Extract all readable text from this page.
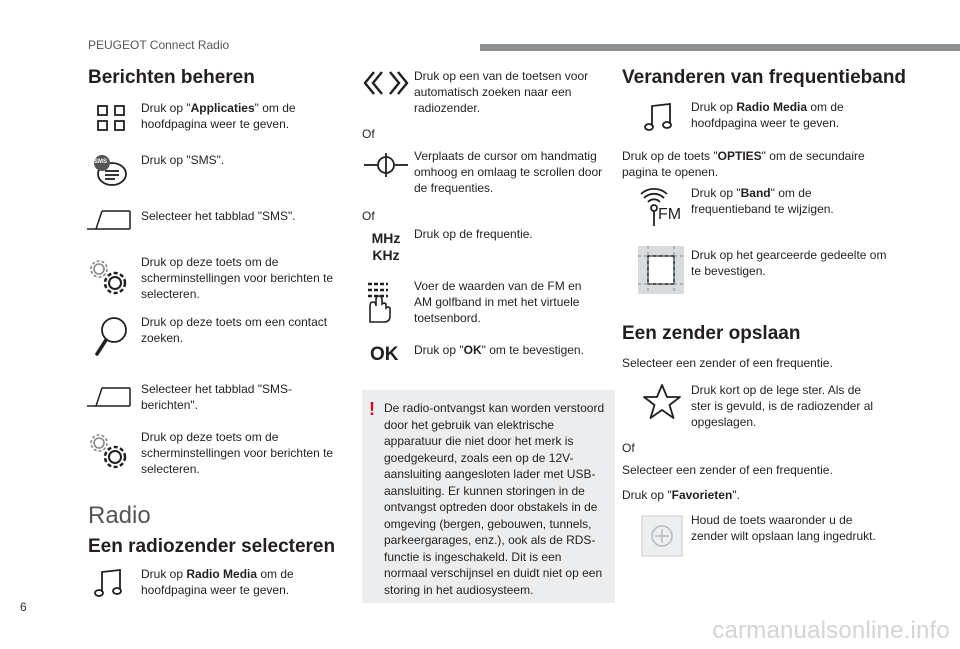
PEUGEOT Connect Radio
Berichten beheren
Druk op "Applicaties" om de hoofdpagina weer te geven.
SMS	Druk op "SMS".
Selecteer het tabblad "SMS".
Druk op deze toets om de scherminstellingen voor berichten te selecteren.
Druk op deze toets om een contact zoeken.
Selecteer het tabblad "SMS-berichten".
Druk op deze toets om de scherminstellingen voor berichten te selecteren.
Radio
Een radiozender selecteren
Druk op Radio Media om de hoofdpagina weer te geven.
Druk op een van de toetsen voor automatisch zoeken naar een radiozender.
Of
Verplaats de cursor om handmatig omhoog en omlaag te scrollen door de frequenties.
Of
MHz
KHz
Druk op de frequentie.
Voer de waarden van de FM en AM golfband in met het virtuele toetsenbord.
OK	Druk op "OK" om te bevestigen.
! De radio-ontvangst kan worden verstoord door het gebruik van elektrische apparatuur die niet door het merk is goedgekeurd, zoals een op de 12V-aansluiting aangesloten lader met USB-aansluiting. Er kunnen storingen in de ontvangst optreden door obstakels in de omgeving (bergen, gebouwen, tunnels, parkeergarages, enz.), ook als de RDS-functie is ingeschakeld. Dit is een normaal verschijnsel en duidt niet op een storing in het audiosysteem.
Veranderen van frequentieband
Druk op Radio Media om de hoofdpagina weer te geven.
Druk op de toets "OPTIES" om de secundaire pagina te openen.
FM
Druk op "Band" om de frequentieband te wijzigen.
Druk op het gearceerde gedeelte om te bevestigen.
Een zender opslaan
Selecteer een zender of een frequentie.
Druk kort op de lege ster. Als de ster is gevuld, is de radiozender al opgeslagen.
Of
Selecteer een zender of een frequentie.
Druk op "Favorieten".
Houd de toets waaronder u de zender wilt opslaan lang ingedrukt.
6
carmanualsonline.info
